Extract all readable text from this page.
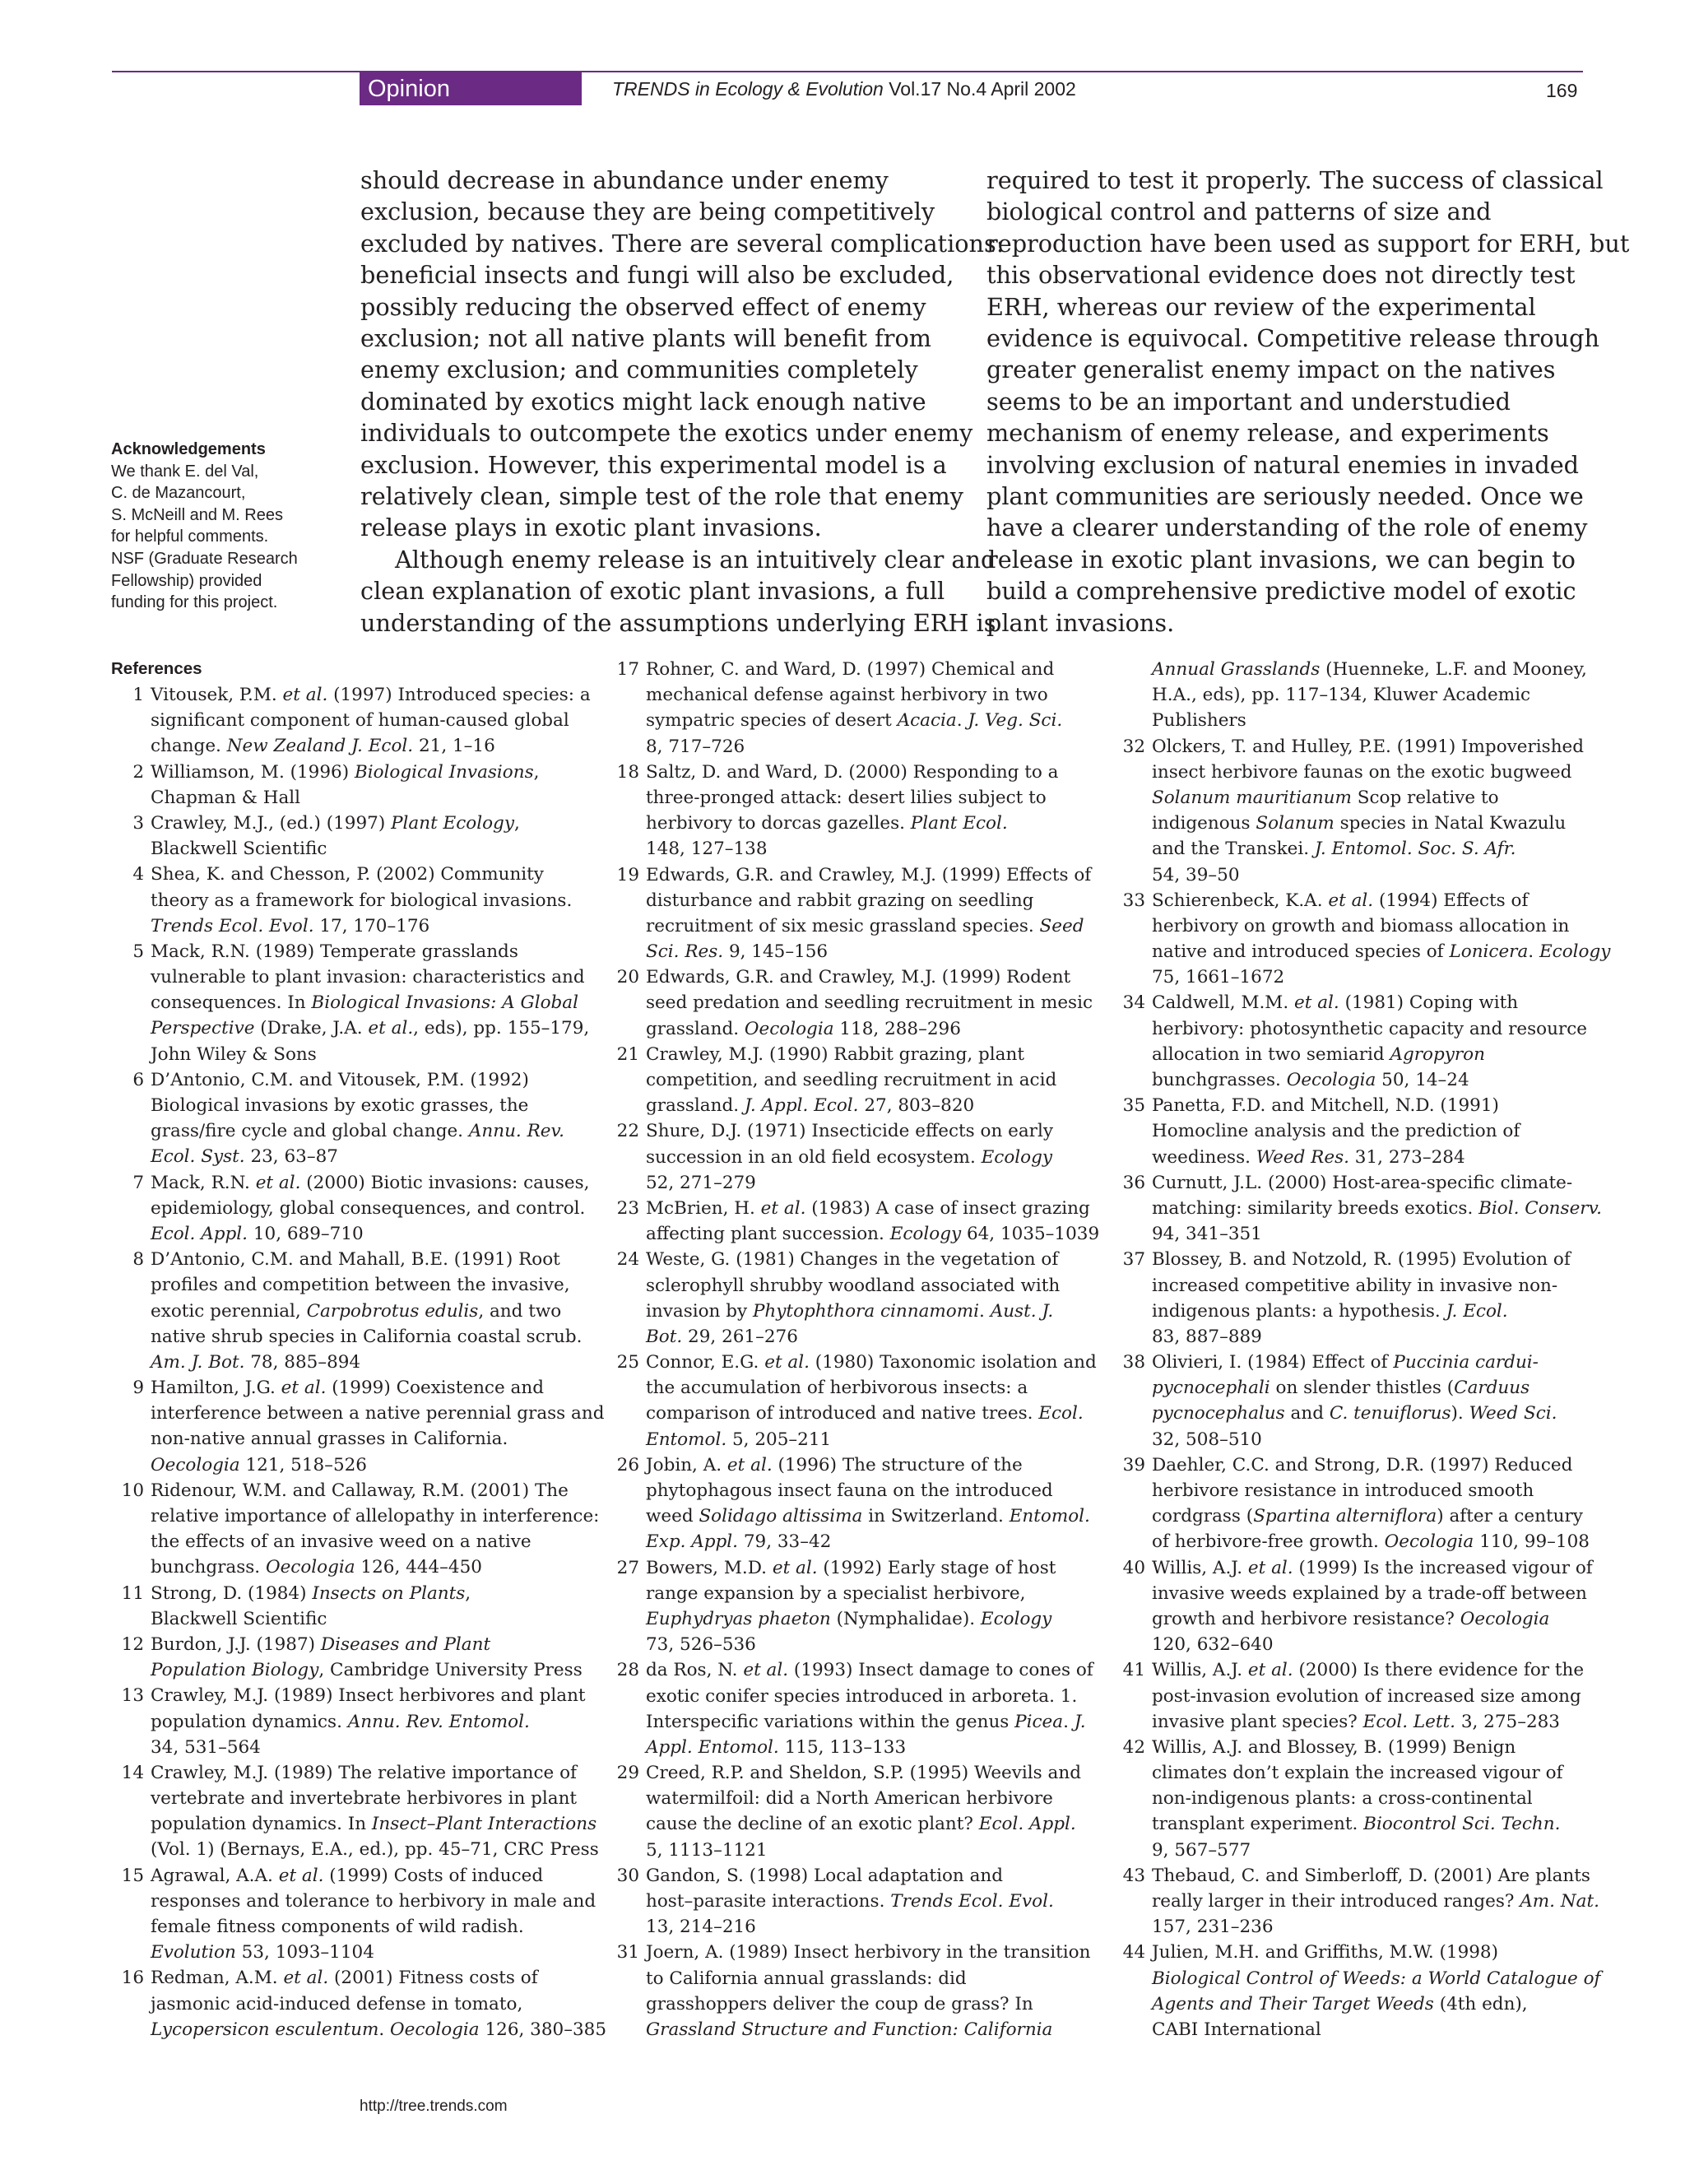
Opinion	TRENDS in Ecology & Evolution Vol.17 No.4 April 2002	169

should decrease in abundance under enemy

exclusion, because they are being competitively

excluded by natives. There are several complications:

beneficial insects and fungi will also be excluded,

possibly reducing the observed effect of enemy

exclusion; not all native plants will benefit from

enemy exclusion; and communities completely

dominated by exotics might lack enough native

individuals to outcompete the exotics under enemy

exclusion. However, this experimental model is a

relatively clean, simple test of the role that enemy

release plays in exotic plant invasions.

Although enemy release is an intuitively clear and

clean explanation of exotic plant invasions, a full

understanding of the assumptions underlying ERH is

required to test it properly. The success of classical

biological control and patterns of size and

reproduction have been used as support for ERH, but

this observational evidence does not directly test

ERH, whereas our review of the experimental

evidence is equivocal. Competitive release through

greater generalist enemy impact on the natives

seems to be an important and understudied

mechanism of enemy release, and experiments

involving exclusion of natural enemies in invaded

plant communities are seriously needed. Once we

have a clearer understanding of the role of enemy

release in exotic plant invasions, we can begin to

build a comprehensive predictive model of exotic

plant invasions.

Acknowledgements

We thank E. del Val,

C. de Mazancourt,

S. McNeill and M. Rees

for helpful comments.

NSF (Graduate Research

Fellowship) provided

funding for this project.

References
1 Vitousek, P.M. et al. (1997) Introduced species: a
significant component of human-caused global
change. New Zealand J. Ecol. 21, 1–16
2 Williamson, M. (1996) Biological Invasions,
Chapman & Hall
3 Crawley, M.J., (ed.) (1997) Plant Ecology,
Blackwell Scientific
4 Shea, K. and Chesson, P. (2002) Community
theory as a framework for biological invasions.
Trends Ecol. Evol. 17, 170–176
5 Mack, R.N. (1989) Temperate grasslands
vulnerable to plant invasion: characteristics and
consequences. In Biological Invasions: A Global
Perspective (Drake, J.A. et al., eds), pp. 155–179,
John Wiley & Sons
6 D’Antonio, C.M. and Vitousek, P.M. (1992)
Biological invasions by exotic grasses, the
grass/fire cycle and global change. Annu. Rev.
Ecol. Syst. 23, 63–87
7 Mack, R.N. et al. (2000) Biotic invasions: causes,
epidemiology, global consequences, and control.
Ecol. Appl. 10, 689–710
8 D’Antonio, C.M. and Mahall, B.E. (1991) Root
profiles and competition between the invasive,
exotic perennial, Carpobrotus edulis, and two
native shrub species in California coastal scrub.
Am. J. Bot. 78, 885–894
9 Hamilton, J.G. et al. (1999) Coexistence and
interference between a native perennial grass and
non-native annual grasses in California.
Oecologia 121, 518–526
10 Ridenour, W.M. and Callaway, R.M. (2001) The
relative importance of allelopathy in interference:
the effects of an invasive weed on a native
bunchgrass. Oecologia 126, 444–450
11 Strong, D. (1984) Insects on Plants,
Blackwell Scientific
12 Burdon, J.J. (1987) Diseases and Plant
Population Biology, Cambridge University Press
13 Crawley, M.J. (1989) Insect herbivores and plant
population dynamics. Annu. Rev. Entomol.
34, 531–564
14 Crawley, M.J. (1989) The relative importance of
vertebrate and invertebrate herbivores in plant
population dynamics. In Insect–Plant Interactions
(Vol. 1) (Bernays, E.A., ed.), pp. 45–71, CRC Press
15 Agrawal, A.A. et al. (1999) Costs of induced
responses and tolerance to herbivory in male and
female fitness components of wild radish.
Evolution 53, 1093–1104
16 Redman, A.M. et al. (2001) Fitness costs of
jasmonic acid-induced defense in tomato,
Lycopersicon esculentum. Oecologia 126, 380–385
17 Rohner, C. and Ward, D. (1997) Chemical and
mechanical defense against herbivory in two
sympatric species of desert Acacia. J. Veg. Sci.
8, 717–726
18 Saltz, D. and Ward, D. (2000) Responding to a
three-pronged attack: desert lilies subject to
herbivory to dorcas gazelles. Plant Ecol.
148, 127–138
19 Edwards, G.R. and Crawley, M.J. (1999) Effects of
disturbance and rabbit grazing on seedling
recruitment of six mesic grassland species. Seed
Sci. Res. 9, 145–156
20 Edwards, G.R. and Crawley, M.J. (1999) Rodent
seed predation and seedling recruitment in mesic
grassland. Oecologia 118, 288–296
21 Crawley, M.J. (1990) Rabbit grazing, plant
competition, and seedling recruitment in acid
grassland. J. Appl. Ecol. 27, 803–820
22 Shure, D.J. (1971) Insecticide effects on early
succession in an old field ecosystem. Ecology
52, 271–279
23 McBrien, H. et al. (1983) A case of insect grazing
affecting plant succession. Ecology 64, 1035–1039
24 Weste, G. (1981) Changes in the vegetation of
sclerophyll shrubby woodland associated with
invasion by Phytophthora cinnamomi. Aust. J.
Bot. 29, 261–276
25 Connor, E.G. et al. (1980) Taxonomic isolation and
the accumulation of herbivorous insects: a
comparison of introduced and native trees. Ecol.
Entomol. 5, 205–211
26 Jobin, A. et al. (1996) The structure of the
phytophagous insect fauna on the introduced
weed Solidago altissima in Switzerland. Entomol.
Exp. Appl. 79, 33–42
27 Bowers, M.D. et al. (1992) Early stage of host
range expansion by a specialist herbivore,
Euphydryas phaeton (Nymphalidae). Ecology
73, 526–536
28 da Ros, N. et al. (1993) Insect damage to cones of
exotic conifer species introduced in arboreta. 1.
Interspecific variations within the genus Picea. J.
Appl. Entomol. 115, 113–133
29 Creed, R.P. and Sheldon, S.P. (1995) Weevils and
watermilfoil: did a North American herbivore
cause the decline of an exotic plant? Ecol. Appl.
5, 1113–1121
30 Gandon, S. (1998) Local adaptation and
host–parasite interactions. Trends Ecol. Evol.
13, 214–216
31 Joern, A. (1989) Insect herbivory in the transition
to California annual grasslands: did
grasshoppers deliver the coup de grass? In
Grassland Structure and Function: California
Annual Grasslands (Huenneke, L.F. and Mooney,
H.A., eds), pp. 117–134, Kluwer Academic
Publishers
32 Olckers, T. and Hulley, P.E. (1991) Impoverished
insect herbivore faunas on the exotic bugweed
Solanum mauritianum Scop relative to
indigenous Solanum species in Natal Kwazulu
and the Transkei. J. Entomol. Soc. S. Afr.
54, 39–50
33 Schierenbeck, K.A. et al. (1994) Effects of
herbivory on growth and biomass allocation in
native and introduced species of Lonicera. Ecology
75, 1661–1672
34 Caldwell, M.M. et al. (1981) Coping with
herbivory: photosynthetic capacity and resource
allocation in two semiarid Agropyron
bunchgrasses. Oecologia 50, 14–24
35 Panetta, F.D. and Mitchell, N.D. (1991)
Homocline analysis and the prediction of
weediness. Weed Res. 31, 273–284
36 Curnutt, J.L. (2000) Host-area-specific climate-
matching: similarity breeds exotics. Biol. Conserv.
94, 341–351
37 Blossey, B. and Notzold, R. (1995) Evolution of
increased competitive ability in invasive non-
indigenous plants: a hypothesis. J. Ecol.
83, 887–889
38 Olivieri, I. (1984) Effect of Puccinia cardui-
pycnocephali on slender thistles (Carduus
pycnocephalus and C. tenuiflorus). Weed Sci.
32, 508–510
39 Daehler, C.C. and Strong, D.R. (1997) Reduced
herbivore resistance in introduced smooth
cordgrass (Spartina alterniflora) after a century
of herbivore-free growth. Oecologia 110, 99–108
40 Willis, A.J. et al. (1999) Is the increased vigour of
invasive weeds explained by a trade-off between
growth and herbivore resistance? Oecologia
120, 632–640
41 Willis, A.J. et al. (2000) Is there evidence for the
post-invasion evolution of increased size among
invasive plant species? Ecol. Lett. 3, 275–283
42 Willis, A.J. and Blossey, B. (1999) Benign
climates don’t explain the increased vigour of
non-indigenous plants: a cross-continental
transplant experiment. Biocontrol Sci. Techn.
9, 567–577
43 Thebaud, C. and Simberloff, D. (2001) Are plants
really larger in their introduced ranges? Am. Nat.
157, 231–236
44 Julien, M.H. and Griffiths, M.W. (1998)
Biological Control of Weeds: a World Catalogue of
Agents and Their Target Weeds (4th edn),
CABI International
http://tree.trends.com
